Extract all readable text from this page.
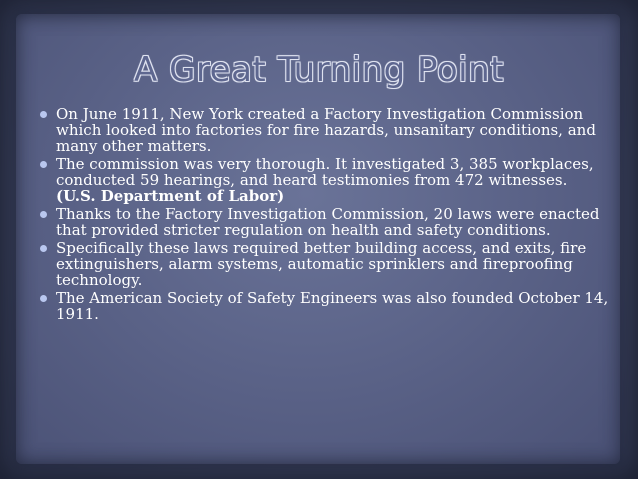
A Great Turning Point
On June 1911, New York created a Factory Investigation Commission which looked into factories for fire hazards, unsanitary conditions, and many other matters.
The commission was very thorough. It investigated 3, 385 workplaces, conducted 59 hearings, and heard testimonies from 472 witnesses. (U.S. Department of Labor)
Thanks to the Factory Investigation Commission, 20 laws were enacted that provided stricter regulation on health and safety conditions.
Specifically these laws required better building access, and exits, fire extinguishers, alarm systems, automatic sprinklers and fireproofing technology.
The American Society of Safety Engineers was also founded October 14, 1911.
